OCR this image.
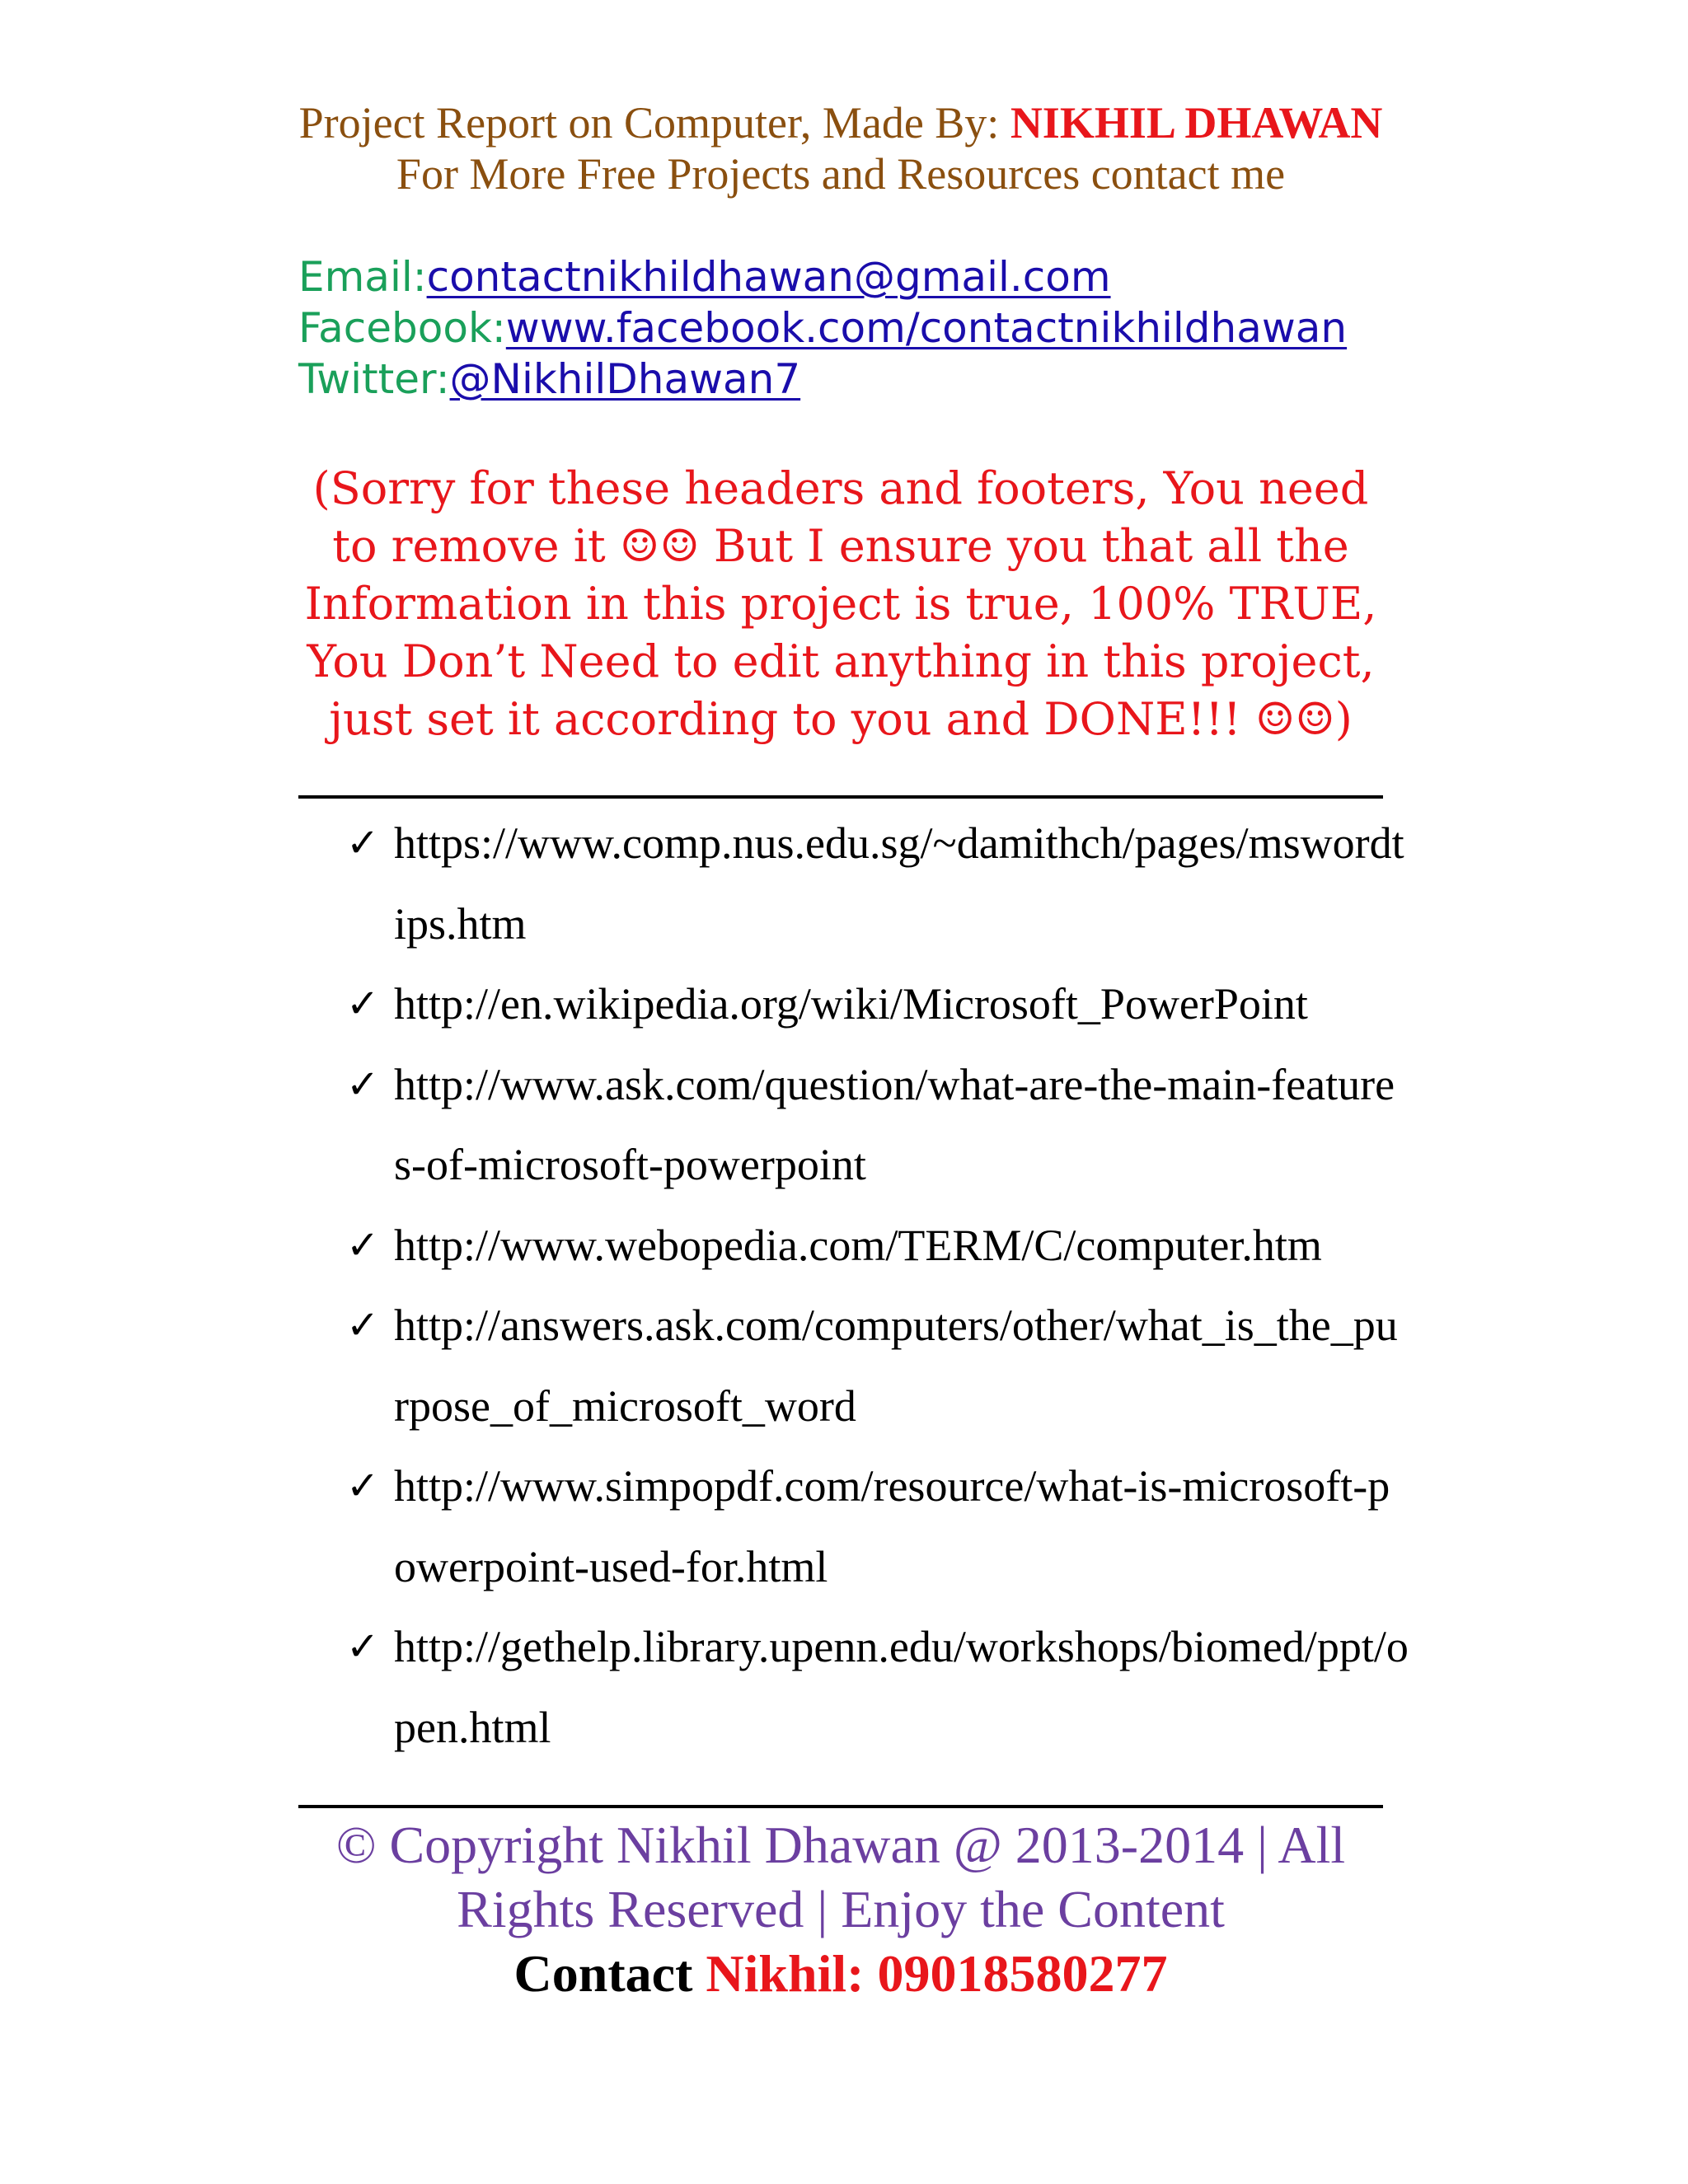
Project Report on Computer, Made By: NIKHIL DHAWAN
For More Free Projects and Resources contact me
Email:contactnikhildhawan@gmail.com
Facebook:www.facebook.com/contactnikhildhawan
Twitter:@NikhilDhawan7
(Sorry for these headers and footers, You need to remove it ☺☺ But I ensure you that all the Information in this project is true, 100% TRUE, You Don’t Need to edit anything in this project, just set it according to you and DONE!!! ☺☺)
✓ https://www.comp.nus.edu.sg/~damithch/pages/mswordtips.htm
✓ http://en.wikipedia.org/wiki/Microsoft_PowerPoint
✓ http://www.ask.com/question/what-are-the-main-features-of-microsoft-powerpoint
✓ http://www.webopedia.com/TERM/C/computer.htm
✓ http://answers.ask.com/computers/other/what_is_the_purpose_of_microsoft_word
✓ http://www.simpopdf.com/resource/what-is-microsoft-powerpoint-used-for.html
✓ http://gethelp.library.upenn.edu/workshops/biomed/ppt/open.html
© Copyright Nikhil Dhawan @ 2013-2014 | All Rights Reserved | Enjoy the Content
Contact Nikhil: 09018580277
